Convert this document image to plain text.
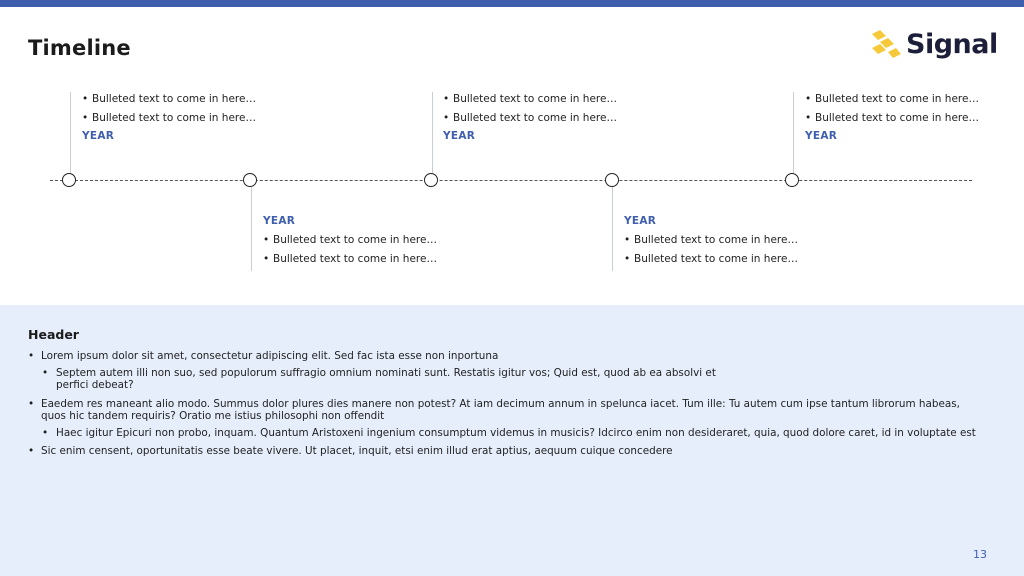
Timeline	Signal
• Bulleted text to come in here…
• Bulleted text to come in here…
YEAR
• Bulleted text to come in here…
• Bulleted text to come in here…
YEAR
• Bulleted text to come in here…
• Bulleted text to come in here…
YEAR
YEAR
• Bulleted text to come in here…
• Bulleted text to come in here…
YEAR
• Bulleted text to come in here…
• Bulleted text to come in here…
Header
• Lorem ipsum dolor sit amet, consectetur adipiscing elit. Sed fac ista esse non inportuna
• Septem autem illi non suo, sed populorum suffragio omnium nominati sunt. Restatis igitur vos; Quid est, quod ab ea absolvi et perfici debeat?
• Eaedem res maneant alio modo. Summus dolor plures dies manere non potest? At iam decimum annum in spelunca iacet. Tum ille: Tu autem cum ipse tantum librorum habeas, quos hic tandem requiris? Oratio me istius philosophi non offendit
• Haec igitur Epicuri non probo, inquam. Quantum Aristoxeni ingenium consumptum videmus in musicis? Idcirco enim non desideraret, quia, quod dolore caret, id in voluptate est
• Sic enim censent, oportunitatis esse beate vivere. Ut placet, inquit, etsi enim illud erat aptius, aequum cuique concedere
13
